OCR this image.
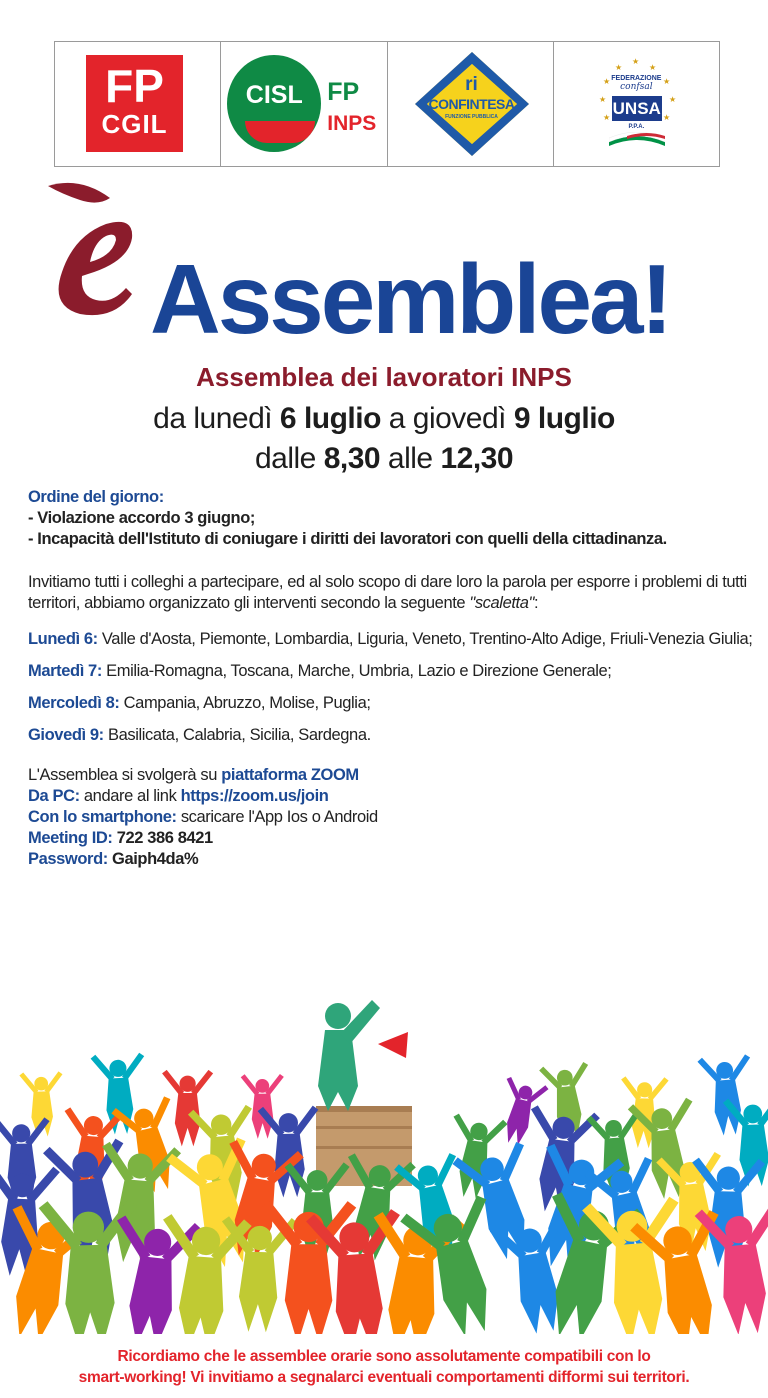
FP
CGIL
CISL FP
INPS
ri
CONFINTESA
FUNZIONE PUBBLICA
★
★	★
★	★
★	★
★	★
FEDERAZIONE
confsal
UNSA
P.P.A.
Assemblea!
Assemblea dei lavoratori INPS
da lunedì 6 luglio a giovedì 9 luglio
dalle 8,30 alle 12,30
Ordine del giorno:
- Violazione accordo 3 giugno;
- Incapacità dell'Istituto di coniugare i diritti dei lavoratori con quelli della cittadinanza.
Invitiamo tutti i colleghi a partecipare, ed al solo scopo di dare loro la parola per esporre i problemi di tutti territori, abbiamo organizzato gli interventi secondo la seguente "scaletta":
Lunedì 6: Valle d'Aosta, Piemonte, Lombardia, Liguria, Veneto, Trentino-Alto Adige, Friuli-Venezia Giulia;
Martedì 7: Emilia-Romagna, Toscana, Marche, Umbria, Lazio e Direzione Generale;
Mercoledì 8: Campania, Abruzzo, Molise, Puglia;
Giovedì 9: Basilicata, Calabria, Sicilia, Sardegna.
L'Assemblea si svolgerà su piattaforma ZOOM
Da PC: andare al link https://zoom.us/join
Con lo smartphone: scaricare l'App Ios o Android
Meeting ID: 722 386 8421
Password: Gaiph4da%
Ricordiamo che le assemblee orarie sono assolutamente compatibili con lo
smart-working! Vi invitiamo a segnalarci eventuali comportamenti difformi sui territori.
